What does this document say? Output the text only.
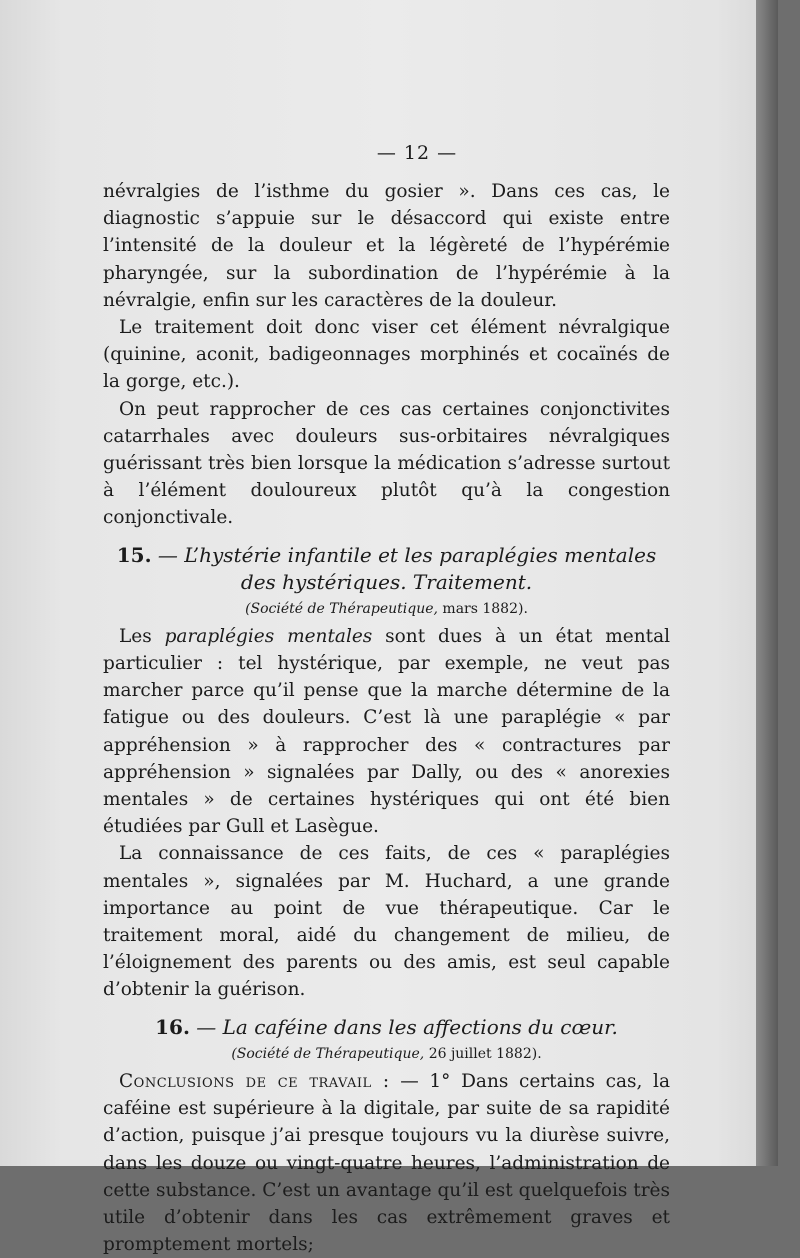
— 12 —

névralgies de l’isthme du gosier ». Dans ces cas, le diagnostic s’appuie sur le désaccord qui existe entre l’intensité de la douleur et la légèreté de l’hypérémie pharyngée, sur la subordination de l’hypérémie à la névralgie, enfin sur les caractères de la douleur.

Le traitement doit donc viser cet élément névralgique (quinine, aconit, badigeonnages morphinés et cocaïnés de la gorge, etc.).

On peut rapprocher de ces cas certaines conjonctivites catarrhales avec douleurs sus-orbitaires névralgiques guérissant très bien lorsque la médication s’adresse surtout à l’élément douloureux plutôt qu’à la congestion conjonctivale.

15. — L’hystérie infantile et les paraplégies mentales des hystériques. Traitement.

(Société de Thérapeutique, mars 1882).

Les paraplégies mentales sont dues à un état mental particulier : tel hystérique, par exemple, ne veut pas marcher parce qu’il pense que la marche détermine de la fatigue ou des douleurs. C’est là une paraplégie « par appréhension » à rapprocher des « contractures par appréhension » signalées par Dally, ou des « anorexies mentales » de certaines hystériques qui ont été bien étudiées par Gull et Lasègue.

La connaissance de ces faits, de ces « paraplégies mentales », signalées par M. Huchard, a une grande importance au point de vue thérapeutique. Car le traitement moral, aidé du changement de milieu, de l’éloignement des parents ou des amis, est seul capable d’obtenir la guérison.

16. — La caféine dans les affections du cœur.

(Société de Thérapeutique, 26 juillet 1882).

Conclusions de ce travail : — 1° Dans certains cas, la caféine est supérieure à la digitale, par suite de sa rapidité d’action, puisque j’ai presque toujours vu la diurèse suivre, dans les douze ou vingt-quatre heures, l’administration de cette substance. C’est un avantage qu’il est quelquefois très utile d’obtenir dans les cas extrêmement graves et promptement mortels;
